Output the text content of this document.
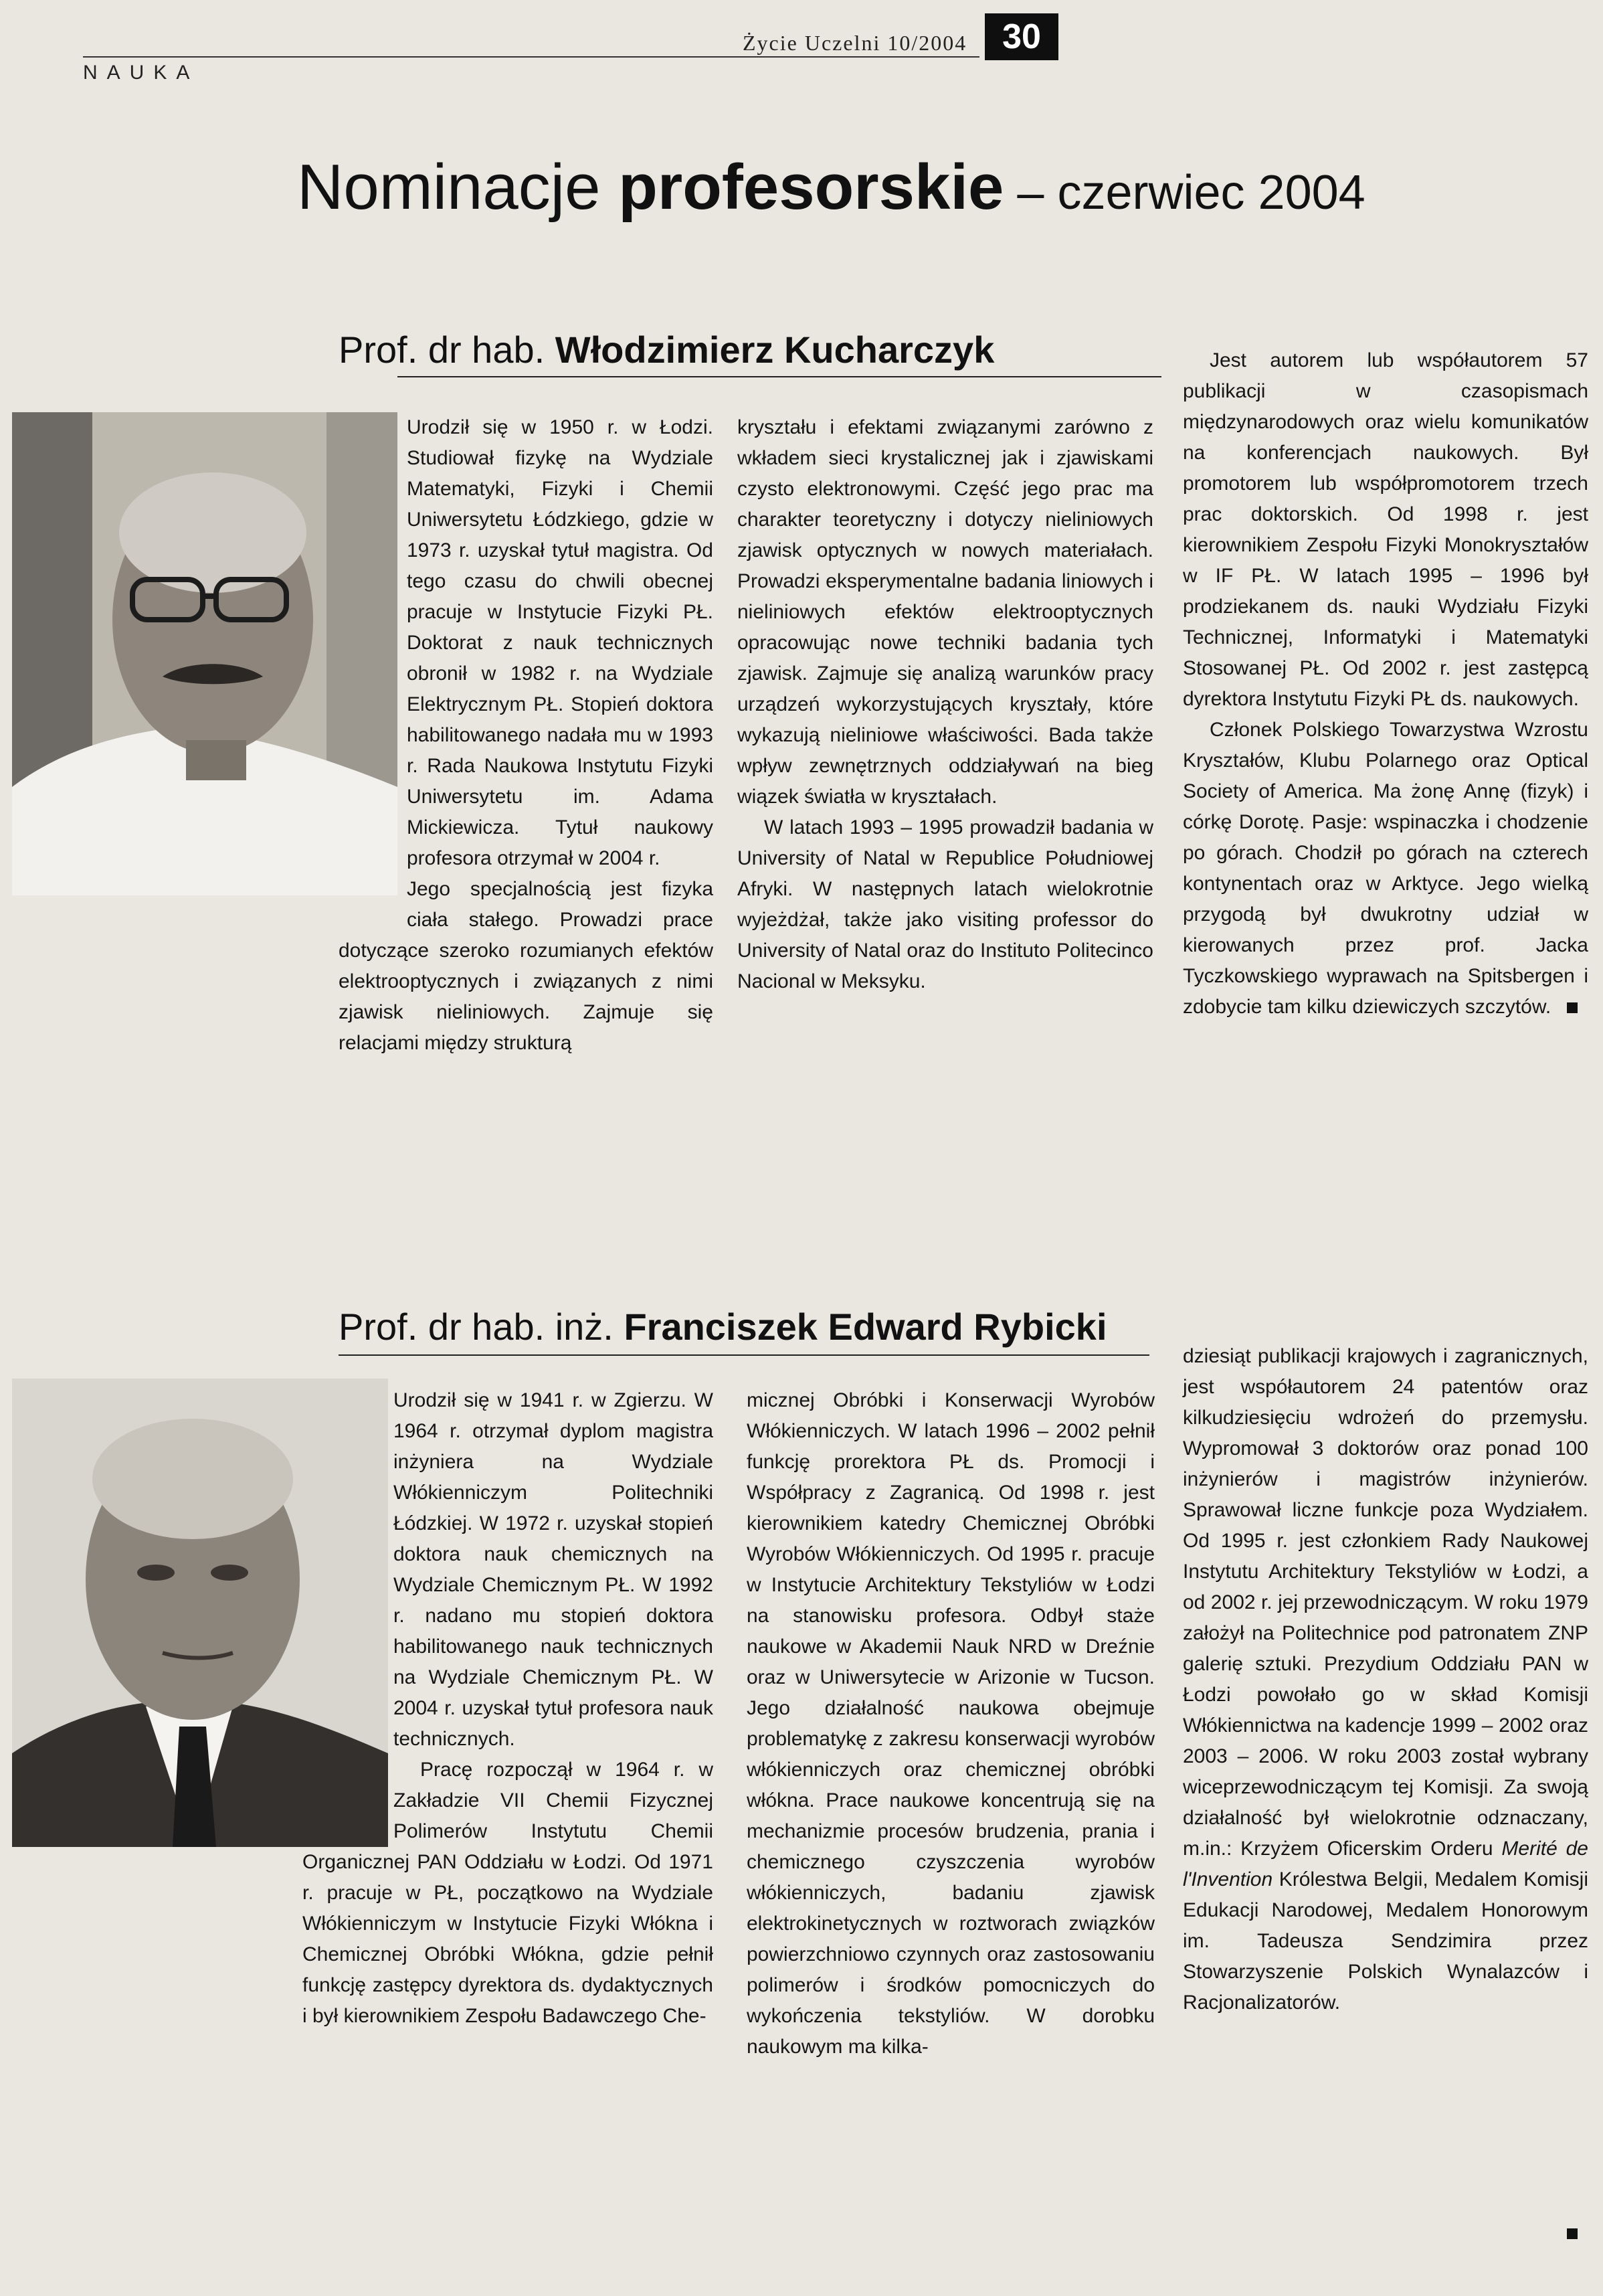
NAUKA
Życie Uczelni 10/2004	30
Nominacje profesorskie – czerwiec 2004
Prof. dr hab. Włodzimierz Kucharczyk

Urodził się w 1950 r. w Łodzi. Studiował fizykę na Wydziale Matematyki, Fizyki i Chemii Uniwersytetu Łódzkiego, gdzie w 1973 r. uzyskał tytuł magistra. Od tego czasu do chwili obecnej pracuje w Instytucie Fizyki PŁ. Doktorat z nauk technicznych obronił w 1982 r. na Wydziale Elektrycznym PŁ. Stopień doktora habilitowanego nadała mu w 1993 r. Rada Naukowa Instytutu Fizyki Uniwersytetu im. Adama Mickiewicza. Tytuł naukowy profesora otrzymał w 2004 r.

Jego specjalnością jest fizyka ciała stałego. Prowadzi prace dotyczące szeroko rozumianych efektów elektrooptycznych i związanych z nimi zjawisk nieliniowych. Zajmuje się relacjami między strukturą

kryształu i efektami związanymi zarówno z wkładem sieci krystalicznej jak i zjawiskami czysto elektronowymi. Część jego prac ma charakter teoretyczny i dotyczy nieliniowych zjawisk optycznych w nowych materiałach. Prowadzi eksperymentalne badania liniowych i nieliniowych efektów elektrooptycznych opracowując nowe techniki badania tych zjawisk. Zajmuje się analizą warunków pracy urządzeń wykorzystujących kryształy, które wykazują nieliniowe właściwości. Bada także wpływ zewnętrznych oddziaływań na bieg wiązek światła w kryształach.

W latach 1993 – 1995 prowadził badania w University of Natal w Republice Południowej Afryki. W następnych latach wielokrotnie wyjeżdżał, także jako visiting professor do University of Natal oraz do Instituto Politecinco Nacional w Meksyku.

Jest autorem lub współautorem 57 publikacji w czasopismach międzynarodowych oraz wielu komunikatów na konferencjach naukowych. Był promotorem lub współpromotorem trzech prac doktorskich. Od 1998 r. jest kierownikiem Zespołu Fizyki Monokryształów w IF PŁ. W latach 1995 – 1996 był prodziekanem ds. nauki Wydziału Fizyki Technicznej, Informatyki i Matematyki Stosowanej PŁ. Od 2002 r. jest zastępcą dyrektora Instytutu Fizyki PŁ ds. naukowych.

Członek Polskiego Towarzystwa Wzrostu Kryształów, Klubu Polarnego oraz Optical Society of America. Ma żonę Annę (fizyk) i córkę Dorotę. Pasje: wspinaczka i chodzenie po górach. Chodził po górach na czterech kontynentach oraz w Arktyce. Jego wielką przygodą był dwukrotny udział w kierowanych przez prof. Jacka Tyczkowskiego wyprawach na Spitsbergen i zdobycie tam kilku dziewiczych szczytów.

Prof. dr hab. inż. Franciszek Edward Rybicki

Urodził się w 1941 r. w Zgierzu. W 1964 r. otrzymał dyplom magistra inżyniera na Wydziale Włókienniczym Politechniki Łódzkiej. W 1972 r. uzyskał stopień doktora nauk chemicznych na Wydziale Chemicznym PŁ. W 1992 r. nadano mu stopień doktora habilitowanego nauk technicznych na Wydziale Chemicznym PŁ. W 2004 r. uzyskał tytuł profesora nauk technicznych.

Pracę rozpoczął w 1964 r. w Zakładzie VII Chemii Fizycznej Polimerów Instytutu Chemii Organicznej PAN Oddziału w Łodzi. Od 1971 r. pracuje w PŁ, początkowo na Wydziale Włókienniczym w Instytucie Fizyki Włókna i Chemicznej Obróbki Włókna, gdzie pełnił funkcję zastępcy dyrektora ds. dydaktycznych i był kierownikiem Zespołu Badawczego Che-

micznej Obróbki i Konserwacji Wyrobów Włókienniczych. W latach 1996 – 2002 pełnił funkcję prorektora PŁ ds. Promocji i Współpracy z Zagranicą. Od 1998 r. jest kierownikiem katedry Chemicznej Obróbki Wyrobów Włókienniczych. Od 1995 r. pracuje w Instytucie Architektury Tekstyliów w Łodzi na stanowisku profesora. Odbył staże naukowe w Akademii Nauk NRD w Dreźnie oraz w Uniwersytecie w Arizonie w Tucson. Jego działalność naukowa obejmuje problematykę z zakresu konserwacji wyrobów włókienniczych oraz chemicznej obróbki włókna. Prace naukowe koncentrują się na mechanizmie procesów brudzenia, prania i chemicznego czyszczenia wyrobów włókienniczych, badaniu zjawisk elektrokinetycznych w roztworach związków powierzchniowo czynnych oraz zastosowaniu polimerów i środków pomocniczych do wykończenia tekstyliów. W dorobku naukowym ma kilka-

dziesiąt publikacji krajowych i zagranicznych, jest współautorem 24 patentów oraz kilkudziesięciu wdrożeń do przemysłu. Wypromował 3 doktorów oraz ponad 100 inżynierów i magistrów inżynierów. Sprawował liczne funkcje poza Wydziałem. Od 1995 r. jest członkiem Rady Naukowej Instytutu Architektury Tekstyliów w Łodzi, a od 2002 r. jej przewodniczącym. W roku 1979 założył na Politechnice pod patronatem ZNP galerię sztuki. Prezydium Oddziału PAN w Łodzi powołało go w skład Komisji Włókiennictwa na kadencje 1999 – 2002 oraz 2003 – 2006. W roku 2003 został wybrany wiceprzewodniczącym tej Komisji. Za swoją działalność był wielokrotnie odznaczany, m.in.: Krzyżem Oficerskim Orderu Merité de l'Invention Królestwa Belgii, Medalem Komisji Edukacji Narodowej, Medalem Honorowym im. Tadeusza Sendzimira przez Stowarzyszenie Polskich Wynalazców i Racjonalizatorów.
